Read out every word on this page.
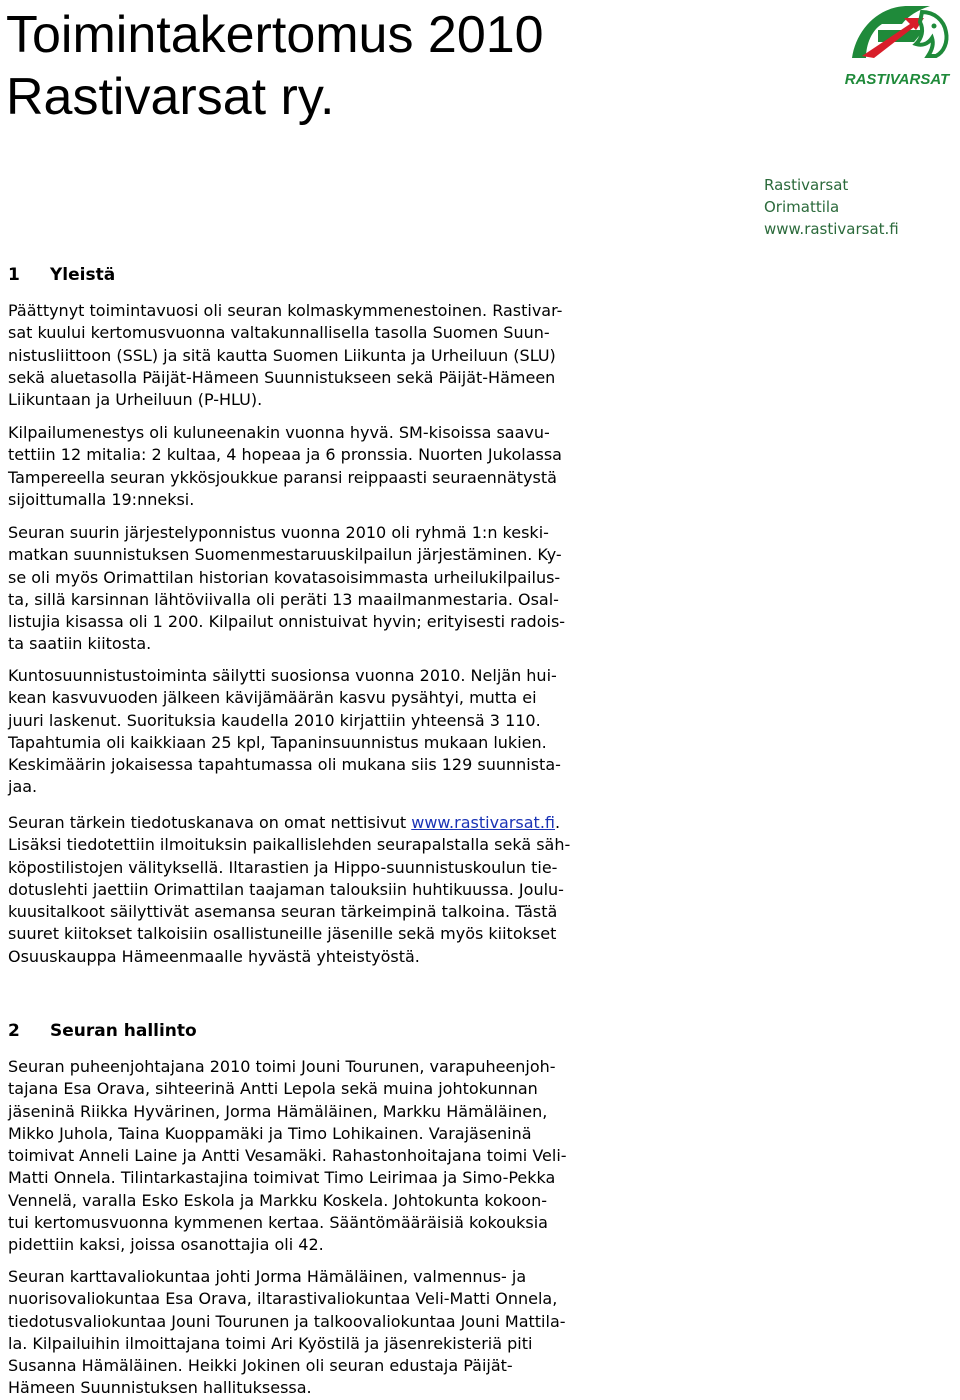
Toimintakertomus 2010
Rastivarsat ry.	RASTIVARSAT
Rastivarsat
Orimattila
www.rastivarsat.fi
1 Yleistä
Päättynyt toimintavuosi oli seuran kolmaskymmenestoinen. Rastivar-
sat kuului kertomusvuonna valtakunnallisella tasolla Suomen Suun-
nistusliittoon (SSL) ja sitä kautta Suomen Liikunta ja Urheiluun (SLU)
sekä aluetasolla Päijät-Hämeen Suunnistukseen sekä Päijät-Hämeen
Liikuntaan ja Urheiluun (P-HLU).
Kilpailumenestys oli kuluneenakin vuonna hyvä. SM-kisoissa saavu-
tettiin 12 mitalia: 2 kultaa, 4 hopeaa ja 6 pronssia. Nuorten Jukolassa
Tampereella seuran ykkösjoukkue paransi reippaasti seuraennätystä
sijoittumalla 19:nneksi.
Seuran suurin järjestelyponnistus vuonna 2010 oli ryhmä 1:n keski-
matkan suunnistuksen Suomenmestaruuskilpailun järjestäminen. Ky-
se oli myös Orimattilan historian kovatasoisimmasta urheilukilpailus-
ta, sillä karsinnan lähtöviivalla oli peräti 13 maailmanmestaria. Osal-
listujia kisassa oli 1 200. Kilpailut onnistuivat hyvin; erityisesti radois-
ta saatiin kiitosta.
Kuntosuunnistustoiminta säilytti suosionsa vuonna 2010. Neljän hui-
kean kasvuvuoden jälkeen kävijämäärän kasvu pysähtyi, mutta ei
juuri laskenut. Suorituksia kaudella 2010 kirjattiin yhteensä 3 110.
Tapahtumia oli kaikkiaan 25 kpl, Tapaninsuunnistus mukaan lukien.
Keskimäärin jokaisessa tapahtumassa oli mukana siis 129 suunnista-
jaa.
Seuran tärkein tiedotuskanava on omat nettisivut www.rastivarsat.fi.
Lisäksi tiedotettiin ilmoituksin paikallislehden seurapalstalla sekä säh-
köpostilistojen välityksellä. Iltarastien ja Hippo-suunnistuskoulun tie-
dotuslehti jaettiin Orimattilan taajaman talouksiin huhtikuussa. Joulu-
kuusitalkoot säilyttivät asemansa seuran tärkeimpinä talkoina. Tästä
suuret kiitokset talkoisiin osallistuneille jäsenille sekä myös kiitokset
Osuuskauppa Hämeenmaalle hyvästä yhteistyöstä.
2 Seuran hallinto
Seuran puheenjohtajana 2010 toimi Jouni Tourunen, varapuheenjoh-
tajana Esa Orava, sihteerinä Antti Lepola sekä muina johtokunnan
jäseninä Riikka Hyvärinen, Jorma Hämäläinen, Markku Hämäläinen,
Mikko Juhola, Taina Kuoppamäki ja Timo Lohikainen. Varajäseninä
toimivat Anneli Laine ja Antti Vesamäki. Rahastonhoitajana toimi Veli-
Matti Onnela. Tilintarkastajina toimivat Timo Leirimaa ja Simo-Pekka
Vennelä, varalla Esko Eskola ja Markku Koskela. Johtokunta kokoon-
tui kertomusvuonna kymmenen kertaa. Sääntömääräisiä kokouksia
pidettiin kaksi, joissa osanottajia oli 42.
Seuran karttavaliokuntaa johti Jorma Hämäläinen, valmennus- ja
nuorisovaliokuntaa Esa Orava, iltarastivaliokuntaa Veli-Matti Onnela,
tiedotusvaliokuntaa Jouni Tourunen ja talkoovaliokuntaa Jouni Mattila-
la. Kilpailuihin ilmoittajana toimi Ari Kyöstilä ja jäsenrekisteriä piti
Susanna Hämäläinen. Heikki Jokinen oli seuran edustaja Päijät-
Hämeen Suunnistuksen hallituksessa.
